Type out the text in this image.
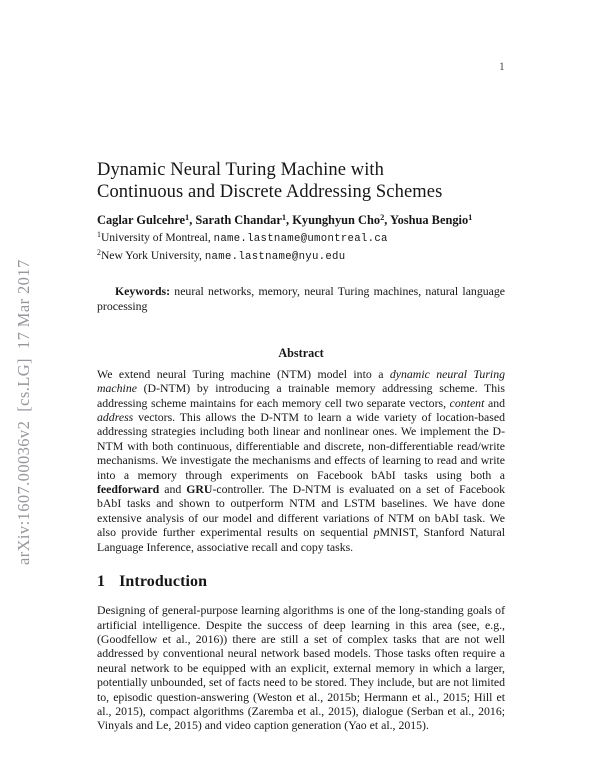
1
arXiv:1607.00036v2  [cs.LG]  17 Mar 2017
Dynamic Neural Turing Machine with
Continuous and Discrete Addressing Schemes
Caglar Gulcehre$^1$, Sarath Chandar$^1$, Kyunghyun Cho$^2$, Yoshua Bengio$^1$
$^1$University of Montreal, name.lastname@umontreal.ca
$^2$New York University, name.lastname@nyu.edu
Keywords: neural networks, memory, neural Turing machines, natural language processing
Abstract
We extend neural Turing machine (NTM) model into a dynamic neural Turing machine (D-NTM) by introducing a trainable memory addressing scheme. This addressing scheme maintains for each memory cell two separate vectors, content and address vectors. This allows the D-NTM to learn a wide variety of location-based addressing strategies including both linear and nonlinear ones. We implement the D-NTM with both continuous, differentiable and discrete, non-differentiable read/write mechanisms. We investigate the mechanisms and effects of learning to read and write into a memory through experiments on Facebook bAbI tasks using both a feedforward and GRU-controller. The D-NTM is evaluated on a set of Facebook bAbI tasks and shown to outperform NTM and LSTM baselines. We have done extensive analysis of our model and different variations of NTM on bAbI task. We also provide further experimental results on sequential pMNIST, Stanford Natural Language Inference, associative recall and copy tasks.
1 Introduction
Designing of general-purpose learning algorithms is one of the long-standing goals of artificial intelligence. Despite the success of deep learning in this area (see, e.g., (Goodfellow et al., 2016)) there are still a set of complex tasks that are not well addressed by conventional neural network based models. Those tasks often require a neural network to be equipped with an explicit, external memory in which a larger, potentially unbounded, set of facts need to be stored. They include, but are not limited to, episodic question-answering (Weston et al., 2015b; Hermann et al., 2015; Hill et al., 2015), compact algorithms (Zaremba et al., 2015), dialogue (Serban et al., 2016; Vinyals and Le, 2015) and video caption generation (Yao et al., 2015).
